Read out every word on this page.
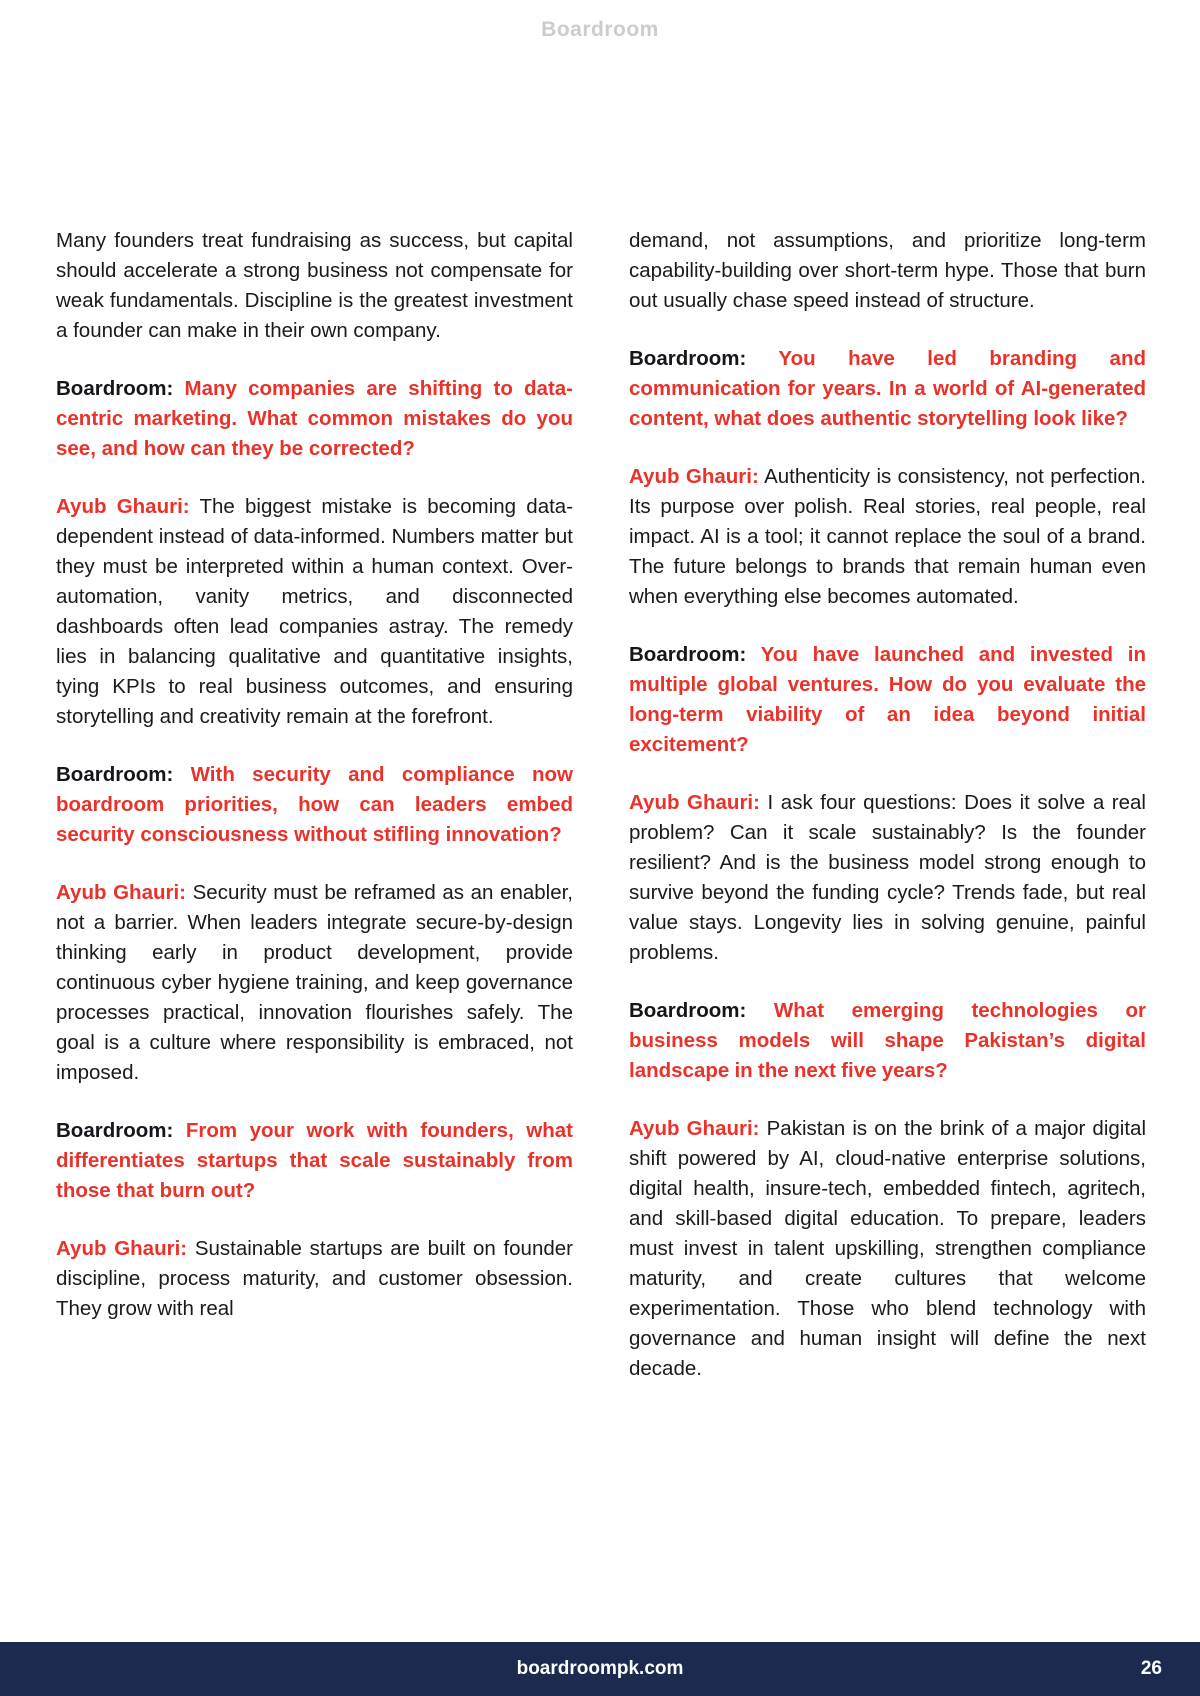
Boardroom

Many founders treat fundraising as success, but capital should accelerate a strong business not compensate for weak fundamentals. Discipline is the greatest investment a founder can make in their own company.

Boardroom: Many companies are shifting to data-centric marketing. What common mistakes do you see, and how can they be corrected?

Ayub Ghauri: The biggest mistake is becoming data-dependent instead of data-informed. Numbers matter but they must be interpreted within a human context. Over-automation, vanity metrics, and disconnected dashboards often lead companies astray. The remedy lies in balancing qualitative and quantitative insights, tying KPIs to real business outcomes, and ensuring storytelling and creativity remain at the forefront.

Boardroom: With security and compliance now boardroom priorities, how can leaders embed security consciousness without stifling innovation?

Ayub Ghauri: Security must be reframed as an enabler, not a barrier. When leaders integrate secure-by-design thinking early in product development, provide continuous cyber hygiene training, and keep governance processes practical, innovation flourishes safely. The goal is a culture where responsibility is embraced, not imposed.

Boardroom: From your work with founders, what differentiates startups that scale sustainably from those that burn out?

Ayub Ghauri: Sustainable startups are built on founder discipline, process maturity, and customer obsession. They grow with real

demand, not assumptions, and prioritize long-term capability-building over short-term hype. Those that burn out usually chase speed instead of structure.

Boardroom: You have led branding and communication for years. In a world of AI-generated content, what does authentic storytelling look like?

Ayub Ghauri: Authenticity is consistency, not perfection. Its purpose over polish. Real stories, real people, real impact. AI is a tool; it cannot replace the soul of a brand. The future belongs to brands that remain human even when everything else becomes automated.

Boardroom: You have launched and invested in multiple global ventures. How do you evaluate the long-term viability of an idea beyond initial excitement?

Ayub Ghauri: I ask four questions: Does it solve a real problem? Can it scale sustainably? Is the founder resilient? And is the business model strong enough to survive beyond the funding cycle? Trends fade, but real value stays. Longevity lies in solving genuine, painful problems.

Boardroom: What emerging technologies or business models will shape Pakistan’s digital landscape in the next five years?

Ayub Ghauri: Pakistan is on the brink of a major digital shift powered by AI, cloud-native enterprise solutions, digital health, insure-tech, embedded fintech, agritech, and skill-based digital education. To prepare, leaders must invest in talent upskilling, strengthen compliance maturity, and create cultures that welcome experimentation. Those who blend technology with governance and human insight will define the next decade.

boardroompk.com	26
